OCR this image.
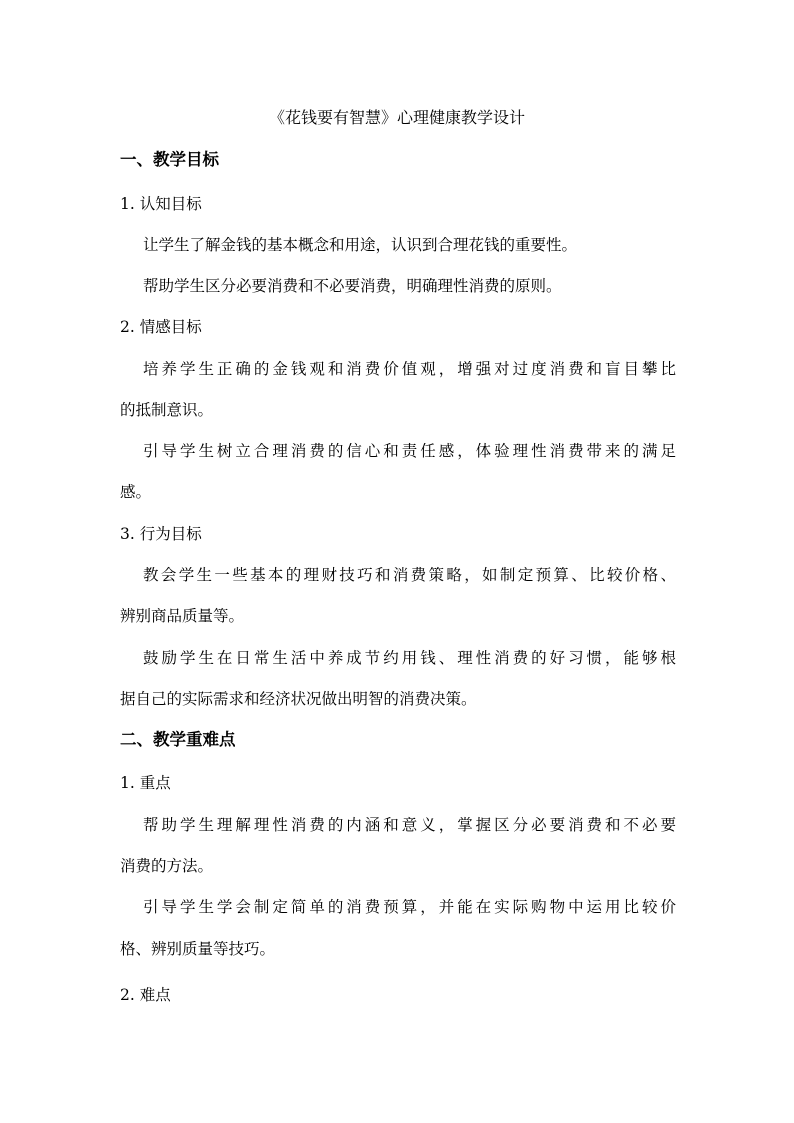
《花钱要有智慧》心理健康教学设计
一、教学目标
1. 认知目标
让学生了解金钱的基本概念和用途，认识到合理花钱的重要性。
帮助学生区分必要消费和不必要消费，明确理性消费的原则。
2. 情感目标
培养学生正确的金钱观和消费价值观，增强对过度消费和盲目攀比
的抵制意识。
引导学生树立合理消费的信心和责任感，体验理性消费带来的满足
感。
3. 行为目标
教会学生一些基本的理财技巧和消费策略，如制定预算、比较价格、
辨别商品质量等。
鼓励学生在日常生活中养成节约用钱、理性消费的好习惯，能够根
据自己的实际需求和经济状况做出明智的消费决策。
二、教学重难点
1. 重点
帮助学生理解理性消费的内涵和意义，掌握区分必要消费和不必要
消费的方法。
引导学生学会制定简单的消费预算，并能在实际购物中运用比较价
格、辨别质量等技巧。
2. 难点
